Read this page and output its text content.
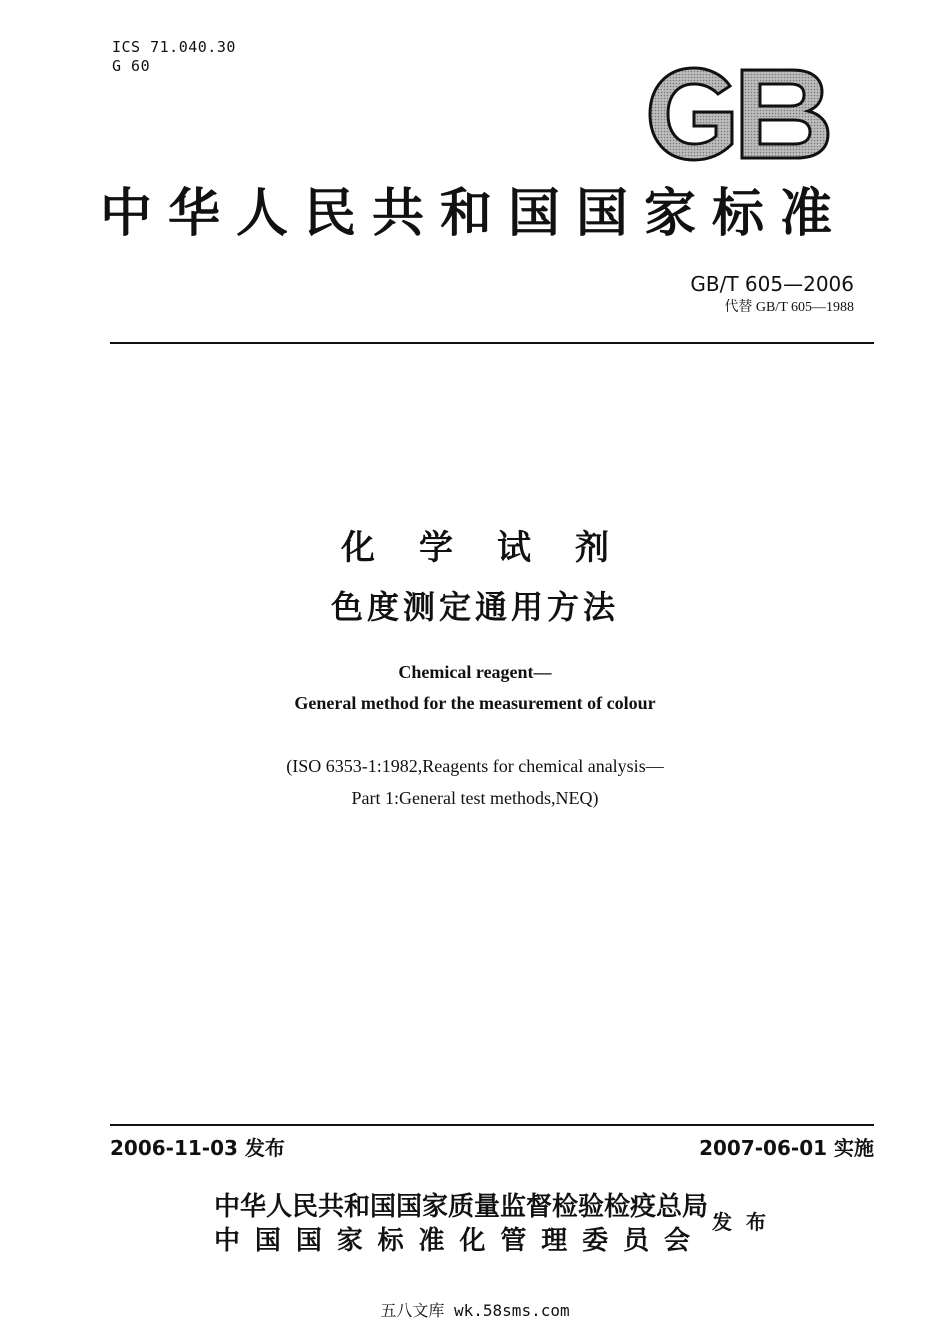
ICS 71.040.30
G 60
中华人民共和国国家标准
GB/T 605—2006
代替 GB/T 605—1988
化学试剂
色度测定通用方法
Chemical reagent—
General method for the measurement of colour
(ISO 6353-1:1982,Reagents for chemical analysis—
Part 1:General test methods,NEQ)
2006-11-03 发布	2007-06-01 实施
中华人民共和国国家质量监督检验检疫总局
中 国 国 家 标 准 化 管 理 委 员 会
发布
五八文库 wk.58sms.com
